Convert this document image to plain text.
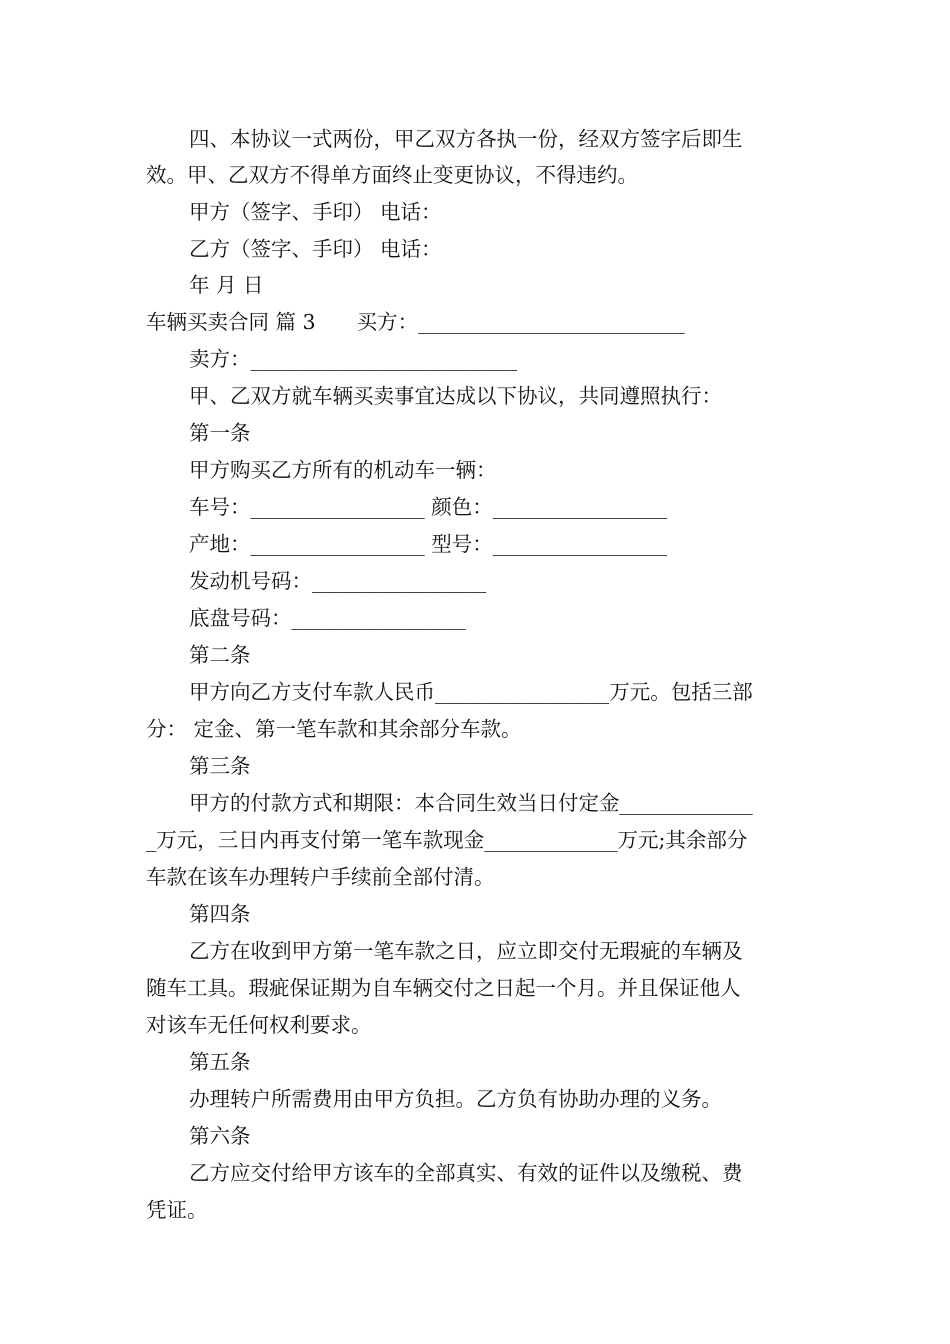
四、本协议一式两份，甲乙双方各执一份，经双方签字后即生
效。甲、乙双方不得单方面终止变更协议，不得违约。
甲方（签字、手印） 电话：
乙方（签字、手印） 电话：
年 月 日
车辆买卖合同 篇 3　　买方：__________________________
卖方：__________________________
甲、乙双方就车辆买卖事宜达成以下协议，共同遵照执行：
第一条
甲方购买乙方所有的机动车一辆：
车号：_________________ 颜色：_________________
产地：_________________ 型号：_________________
发动机号码：_________________
底盘号码：_________________
第二条
甲方向乙方支付车款人民币_________________万元。包括三部
分： 定金、第一笔车款和其余部分车款。
第三条
甲方的付款方式和期限：本合同生效当日付定金_____________
_万元，三日内再支付第一笔车款现金_____________万元;其余部分
车款在该车办理转户手续前全部付清。
第四条
乙方在收到甲方第一笔车款之日，应立即交付无瑕疵的车辆及
随车工具。瑕疵保证期为自车辆交付之日起一个月。并且保证他人
对该车无任何权利要求。
第五条
办理转户所需费用由甲方负担。乙方负有协助办理的义务。
第六条
乙方应交付给甲方该车的全部真实、有效的证件以及缴税、费
凭证。
